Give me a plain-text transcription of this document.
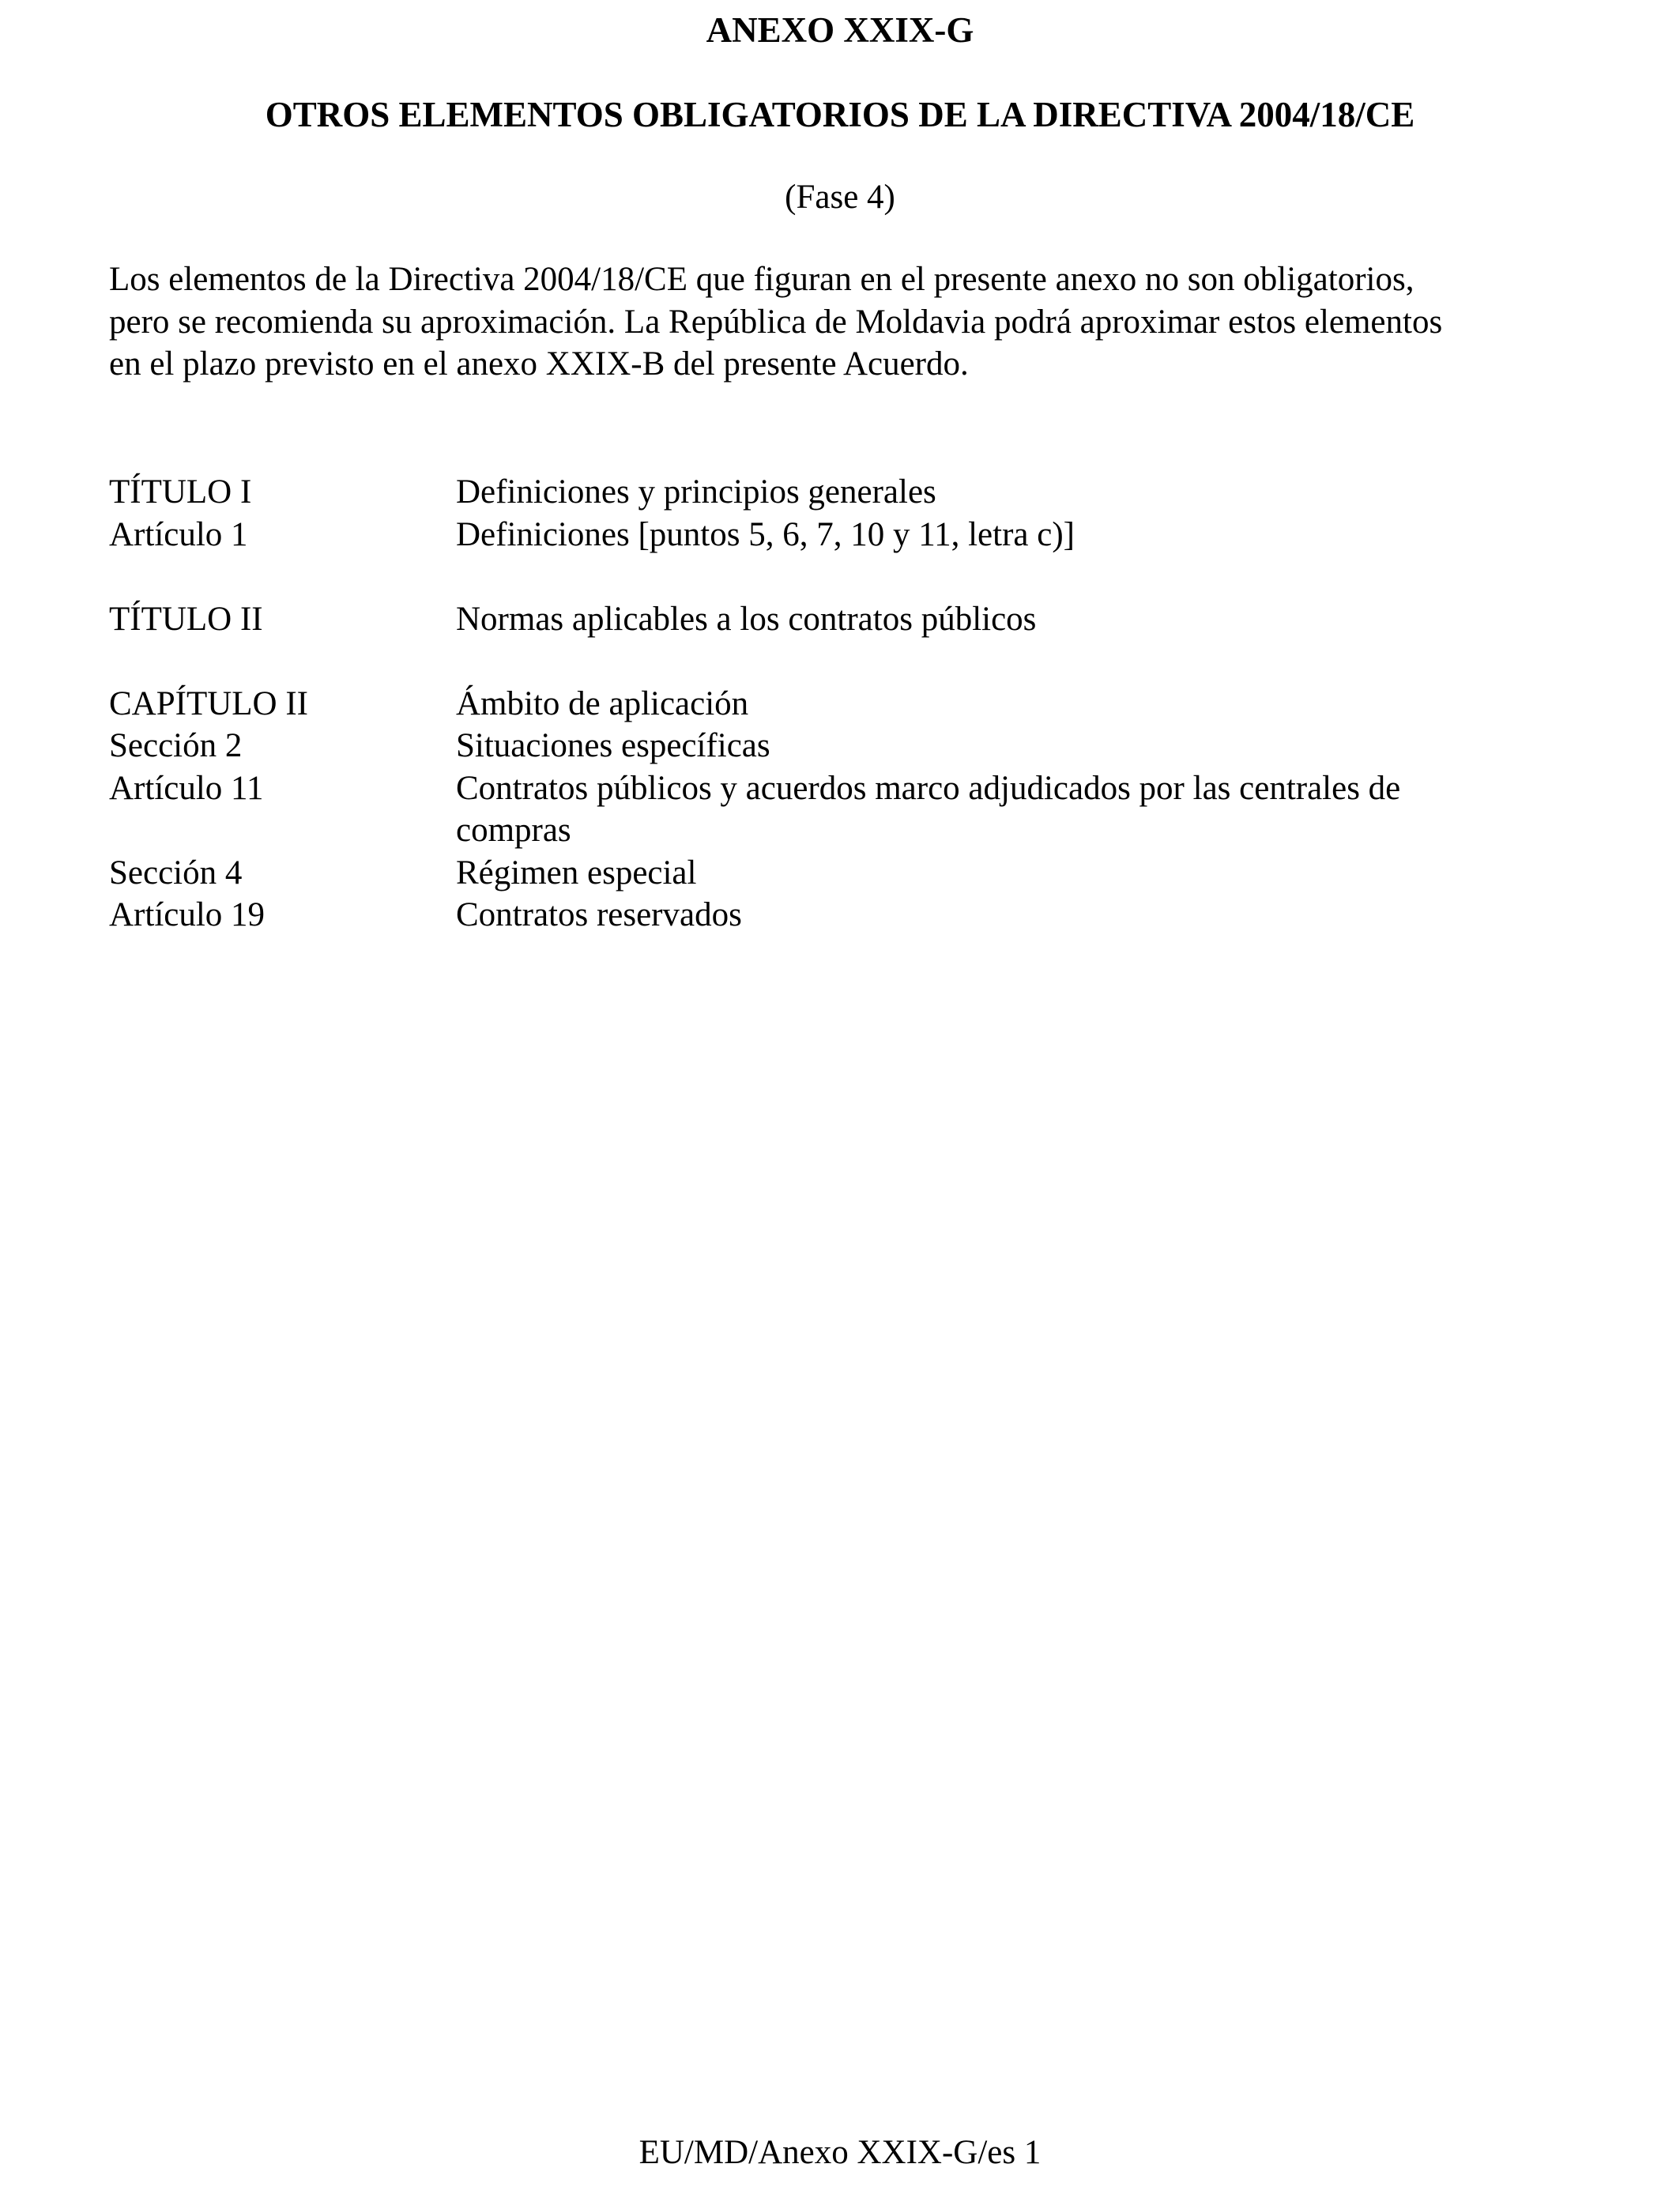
ANEXO XXIX-G
OTROS ELEMENTOS OBLIGATORIOS DE LA DIRECTIVA 2004/18/CE
(Fase 4)
Los elementos de la Directiva 2004/18/CE que figuran en el presente anexo no son obligatorios,
pero se recomienda su aproximación. La República de Moldavia podrá aproximar estos elementos
en el plazo previsto en el anexo XXIX-B del presente Acuerdo.
TÍTULO I	Definiciones y principios generales
Artículo 1	Definiciones [puntos 5, 6, 7, 10 y 11, letra c)]
TÍTULO II	Normas aplicables a los contratos públicos
CAPÍTULO II	Ámbito de aplicación
Sección 2	Situaciones específicas
Artículo 11	Contratos públicos y acuerdos marco adjudicados por las centrales de compras
Sección 4	Régimen especial
Artículo 19	Contratos reservados
EU/MD/Anexo XXIX-G/es 1
